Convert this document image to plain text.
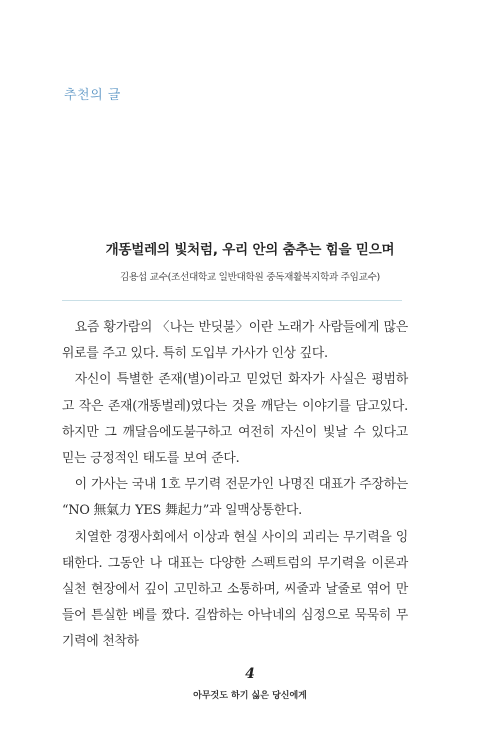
추천의 글
개똥벌레의 빛처럼, 우리 안의 춤추는 힘을 믿으며
김용섭 교수(조선대학교 일반대학원 중독재활복지학과 주임교수)

요즘 황가람의 〈나는 반딧불〉이란 노래가 사람들에게 많은 위로를 주고 있다. 특히 도입부 가사가 인상 깊다.

자신이 특별한 존재(별)이라고 믿었던 화자가 사실은 평범하고 작은 존재(개똥벌레)였다는 것을 깨닫는 이야기를 담고있다. 하지만 그 깨달음에도불구하고 여전히 자신이 빛날 수 있다고 믿는 긍정적인 태도를 보여 준다.

이 가사는 국내 1호 무기력 전문가인 나명진 대표가 주장하는 “NO 無氣力 YES 舞起力”과 일맥상통한다.

치열한 경쟁사회에서 이상과 현실 사이의 괴리는 무기력을 잉태한다. 그동안 나 대표는 다양한 스펙트럼의 무기력을 이론과 실천 현장에서 깊이 고민하고 소통하며, 씨줄과 날줄로 엮어 만들어 튼실한 베를 짰다. 길쌈하는 아낙네의 심정으로 묵묵히 무기력에 천착하

4
아무것도 하기 싫은 당신에게
